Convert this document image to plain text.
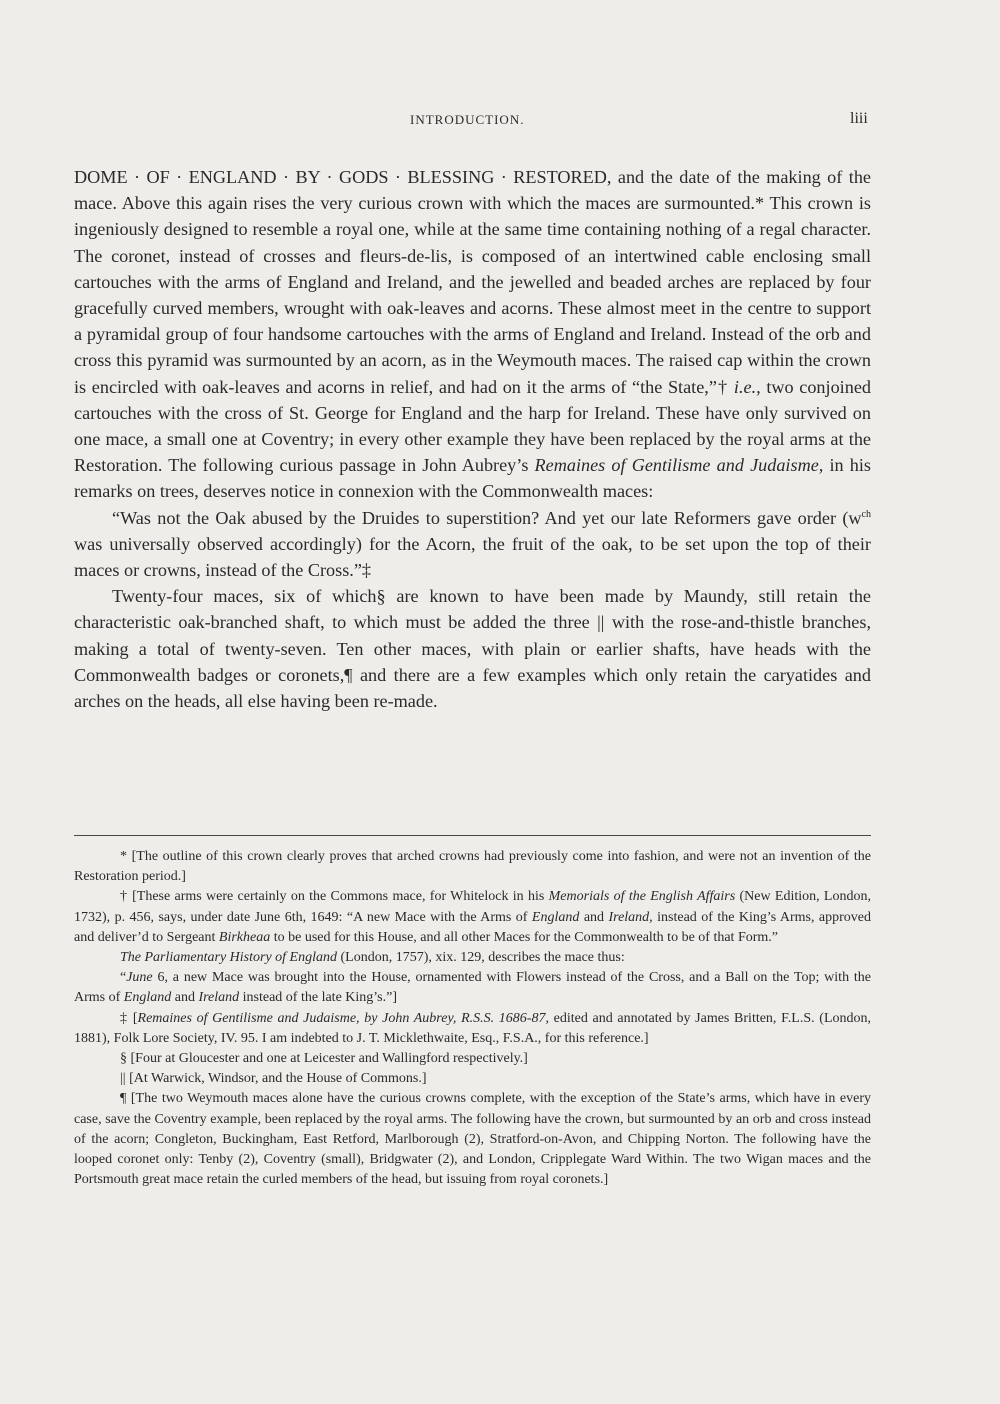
INTRODUCTION.	liii

DOME · OF · ENGLAND · BY · GODS · BLESSING · RESTORED, and the date of the making of the mace. Above this again rises the very curious crown with which the maces are surmounted.* This crown is ingeniously designed to resemble a royal one, while at the same time containing nothing of a regal character. The coronet, instead of crosses and fleurs-de-lis, is composed of an intertwined cable enclosing small cartouches with the arms of England and Ireland, and the jewelled and beaded arches are replaced by four gracefully curved members, wrought with oak-leaves and acorns. These almost meet in the centre to support a pyramidal group of four handsome cartouches with the arms of England and Ireland. Instead of the orb and cross this pyramid was surmounted by an acorn, as in the Weymouth maces. The raised cap within the crown is encircled with oak-leaves and acorns in relief, and had on it the arms of “the State,”† i.e., two conjoined cartouches with the cross of St. George for England and the harp for Ireland. These have only survived on one mace, a small one at Coventry; in every other example they have been replaced by the royal arms at the Restoration. The following curious passage in John Aubrey’s Remaines of Gentilisme and Judaisme, in his remarks on trees, deserves notice in connexion with the Commonwealth maces:

“Was not the Oak abused by the Druides to superstition? And yet our late Reformers gave order ($w^{ch}$ was universally observed accordingly) for the Acorn, the fruit of the oak, to be set upon the top of their maces or crowns, instead of the Cross.”‡

Twenty-four maces, six of which§ are known to have been made by Maundy, still retain the characteristic oak-branched shaft, to which must be added the three || with the rose-and-thistle branches, making a total of twenty-seven. Ten other maces, with plain or earlier shafts, have heads with the Commonwealth badges or coronets,¶ and there are a few examples which only retain the caryatides and arches on the heads, all else having been re-made.

* [The outline of this crown clearly proves that arched crowns had previously come into fashion, and were not an invention of the Restoration period.]

† [These arms were certainly on the Commons mace, for Whitelock in his Memorials of the English Affairs (New Edition, London, 1732), p. 456, says, under date June 6th, 1649: “A new Mace with the Arms of England and Ireland, instead of the King’s Arms, approved and deliver’d to Sergeant Birkheaa to be used for this House, and all other Maces for the Commonwealth to be of that Form.”

The Parliamentary History of England (London, 1757), xix. 129, describes the mace thus:

“June 6, a new Mace was brought into the House, ornamented with Flowers instead of the Cross, and a Ball on the Top; with the Arms of England and Ireland instead of the late King’s.”]

‡ [Remaines of Gentilisme and Judaisme, by John Aubrey, R.S.S. 1686-87, edited and annotated by James Britten, F.L.S. (London, 1881), Folk Lore Society, IV. 95. I am indebted to J. T. Micklethwaite, Esq., F.S.A., for this reference.]

§ [Four at Gloucester and one at Leicester and Wallingford respectively.]

|| [At Warwick, Windsor, and the House of Commons.]

¶ [The two Weymouth maces alone have the curious crowns complete, with the exception of the State’s arms, which have in every case, save the Coventry example, been replaced by the royal arms. The following have the crown, but surmounted by an orb and cross instead of the acorn; Congleton, Buckingham, East Retford, Marlborough (2), Stratford-on-Avon, and Chipping Norton. The following have the looped coronet only: Tenby (2), Coventry (small), Bridgwater (2), and London, Cripplegate Ward Within. The two Wigan maces and the Portsmouth great mace retain the curled members of the head, but issuing from royal coronets.]
